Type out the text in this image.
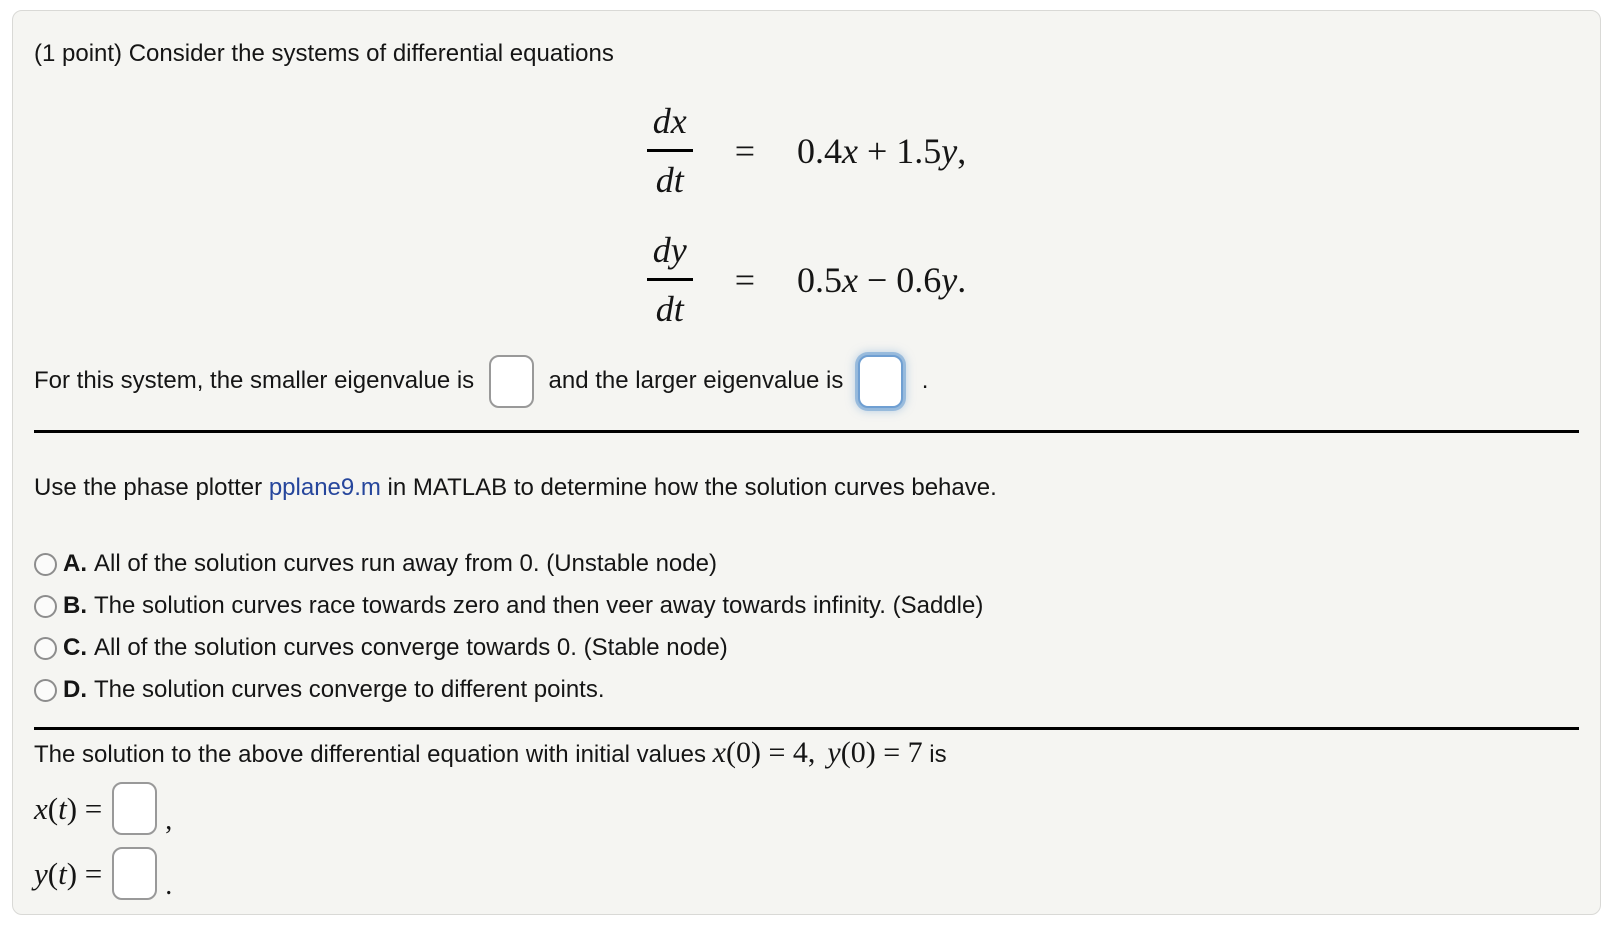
(1 point) Consider the systems of differential equations

$\frac{dx}{dt} = 0.4x + 1.5y$,
$\frac{dy}{dt} = 0.5x - 0.6y$.

For this system, the smaller eigenvalue is	and the larger eigenvalue is	.

Use the phase plotter pplane9.m in MATLAB to determine how the solution curves behave.

A. All of the solution curves run away from 0. (Unstable node)
B. The solution curves race towards zero and then veer away towards infinity. (Saddle)
C. All of the solution curves converge towards 0. (Stable node)
D. The solution curves converge to different points.

The solution to the above differential equation with initial values x(0) = 4, y(0) = 7 is

x(t) = ,
y(t) = .
